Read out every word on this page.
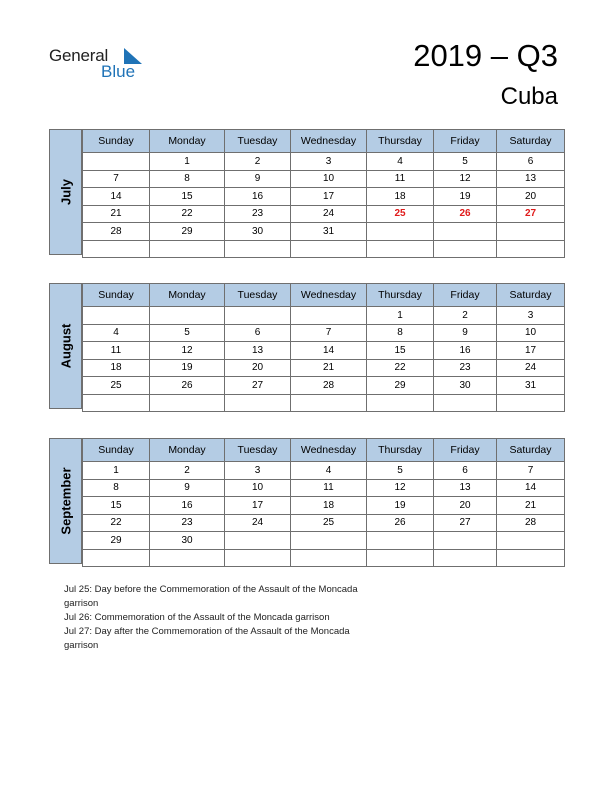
General
Blue	2019 – Q3
Cuba
July
Sunday	Monday	Tuesday	Wednesday	Thursday	Friday	Saturday
	1	2	3	4	5	6
7	8	9	10	11	12	13
14	15	16	17	18	19	20
21	22	23	24	25	26	27
28	29	30	31			

August
Sunday	Monday	Tuesday	Wednesday	Thursday	Friday	Saturday
				1	2	3
4	5	6	7	8	9	10
11	12	13	14	15	16	17
18	19	20	21	22	23	24
25	26	27	28	29	30	31

September
Sunday	Monday	Tuesday	Wednesday	Thursday	Friday	Saturday
1	2	3	4	5	6	7
8	9	10	11	12	13	14
15	16	17	18	19	20	21
22	23	24	25	26	27	28
29	30					

Jul 25: Day before the Commemoration of the Assault of the Moncada garrison
Jul 26: Commemoration of the Assault of the Moncada garrison
Jul 27: Day after the Commemoration of the Assault of the Moncada garrison
